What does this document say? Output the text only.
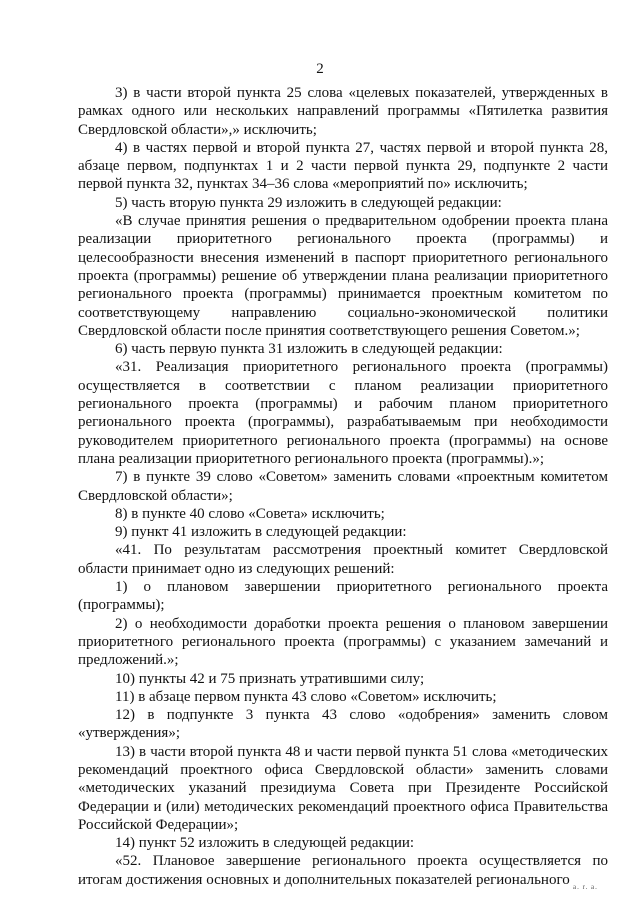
2

3) в части второй пункта 25 слова «целевых показателей, утвержденных в рамках одного или нескольких направлений программы «Пятилетка развития Свердловской области»,» исключить;

4) в частях первой и второй пункта 27, частях первой и второй пункта 28, абзаце первом, подпунктах 1 и 2 части первой пункта 29, подпункте 2 части первой пункта 32, пунктах 34–36 слова «мероприятий по» исключить;

5) часть вторую пункта 29 изложить в следующей редакции:

«В случае принятия решения о предварительном одобрении проекта плана реализации приоритетного регионального проекта (программы) и целесообразности внесения изменений в паспорт приоритетного регионального проекта (программы) решение об утверждении плана реализации приоритетного регионального проекта (программы) принимается проектным комитетом по соответствующему направлению социально-экономической политики Свердловской области после принятия соответствующего решения Советом.»;

6) часть первую пункта 31 изложить в следующей редакции:

«31. Реализация приоритетного регионального проекта (программы) осуществляется в соответствии с планом реализации приоритетного регионального проекта (программы) и рабочим планом приоритетного регионального проекта (программы), разрабатываемым при необходимости руководителем приоритетного регионального проекта (программы) на основе плана реализации приоритетного регионального проекта (программы).»;

7) в пункте 39 слово «Советом» заменить словами «проектным комитетом Свердловской области»;

8) в пункте 40 слово «Совета» исключить;

9) пункт 41 изложить в следующей редакции:

«41. По результатам рассмотрения проектный комитет Свердловской области принимает одно из следующих решений:

1) о плановом завершении приоритетного регионального проекта (программы);

2) о необходимости доработки проекта решения о плановом завершении приоритетного регионального проекта (программы) с указанием замечаний и предложений.»;

10) пункты 42 и 75 признать утратившими силу;

11) в абзаце первом пункта 43 слово «Советом» исключить;

12) в подпункте 3 пункта 43 слово «одобрения» заменить словом «утверждения»;

13) в части второй пункта 48 и части первой пункта 51 слова «методических рекомендаций проектного офиса Свердловской области» заменить словами «методических указаний президиума Совета при Президенте Российской Федерации и (или) методических рекомендаций проектного офиса Правительства Российской Федерации»;

14) пункт 52 изложить в следующей редакции:

«52. Плановое завершение регионального проекта осуществляется по итогам достижения основных и дополнительных показателей регионального a. r. a.
